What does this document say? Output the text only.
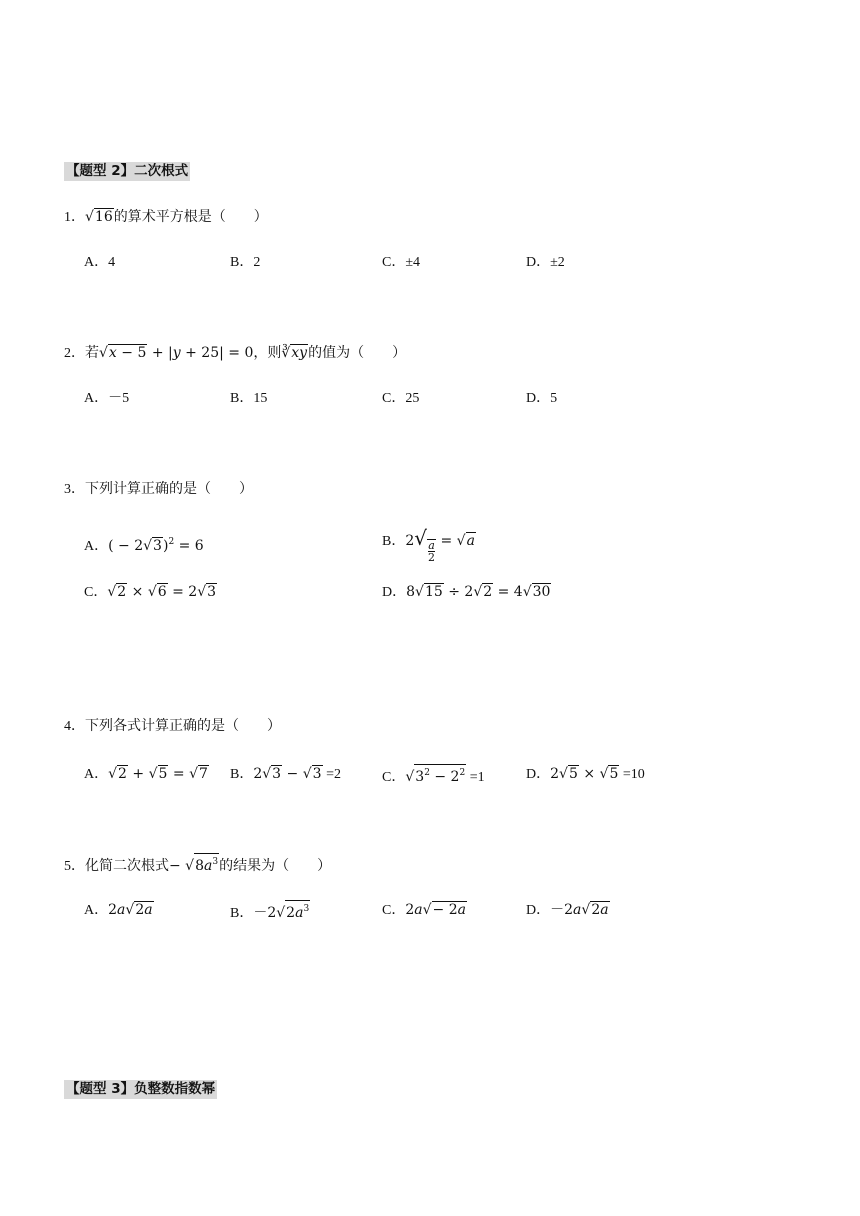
【题型 2】二次根式
1．√16的算术平方根是（　　）
A．4	B．2	C．±4	D．±2
2．若√x − 5 + |y + 25| = 0，则∛xy的值为（　　）
A．－5	B．15	C．25	D．5
3．下列计算正确的是（　　）
A．( − 2√3)$^2$ = 6	B．2√
$\frac{a}{2} = √a$
C．√2 × √6 = 2√3	D．8√15 ÷ 2√2 = 4√30
4．下列各式计算正确的是（　　）
A．√2 + √5 = √7 B．2√3 − √3 =2	C．$√3^2 - 2^2 =1$	D．2√5 × √5 =10
5．化简二次根式− $√8a^3$的结果为（　　）
A．2a√2a	B．$-2√2a^3$	C．2a√− 2a	D．－2a√2a
【题型 3】负整数指数幂
